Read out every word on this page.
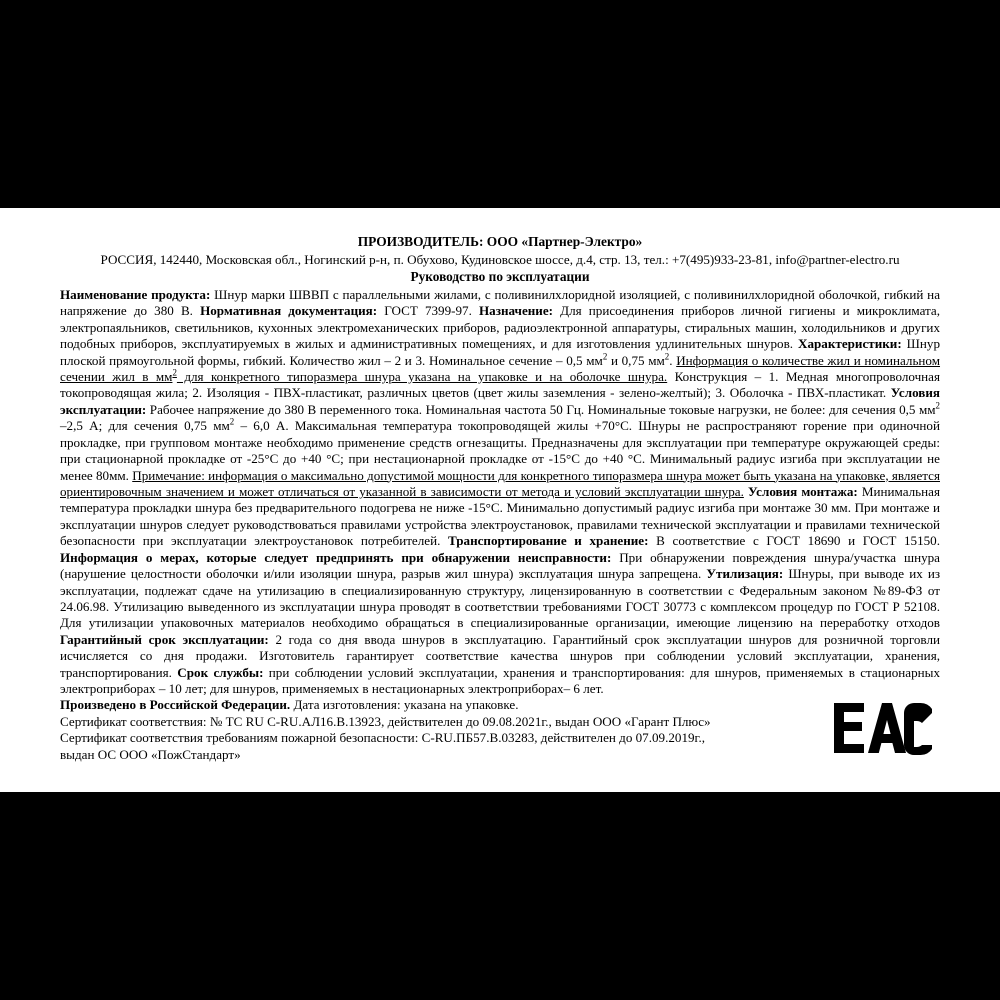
ПРОИЗВОДИТЕЛЬ: ООО «Партнер-Электро»
РОССИЯ, 142440, Московская обл., Ногинский р-н, п. Обухово, Кудиновское шоссе, д.4, стр. 13, тел.: +7(495)933-23-81, info@partner-electro.ru
Руководство по эксплуатации
Наименование продукта: Шнур марки ШВВП с параллельными жилами, с поливинилхлоридной изоляцией, с поливинилхлоридной оболочкой, гибкий на напряжение до 380 В. Нормативная документация: ГОСТ 7399-97. Назначение: Для присоединения приборов личной гигиены и микроклимата, электропаяльников, светильников, кухонных электромеханических приборов, радиоэлектронной аппаратуры, стиральных машин, холодильников и других подобных приборов, эксплуатируемых в жилых и административных помещениях, и для изготовления удлинительных шнуров. Характеристики: Шнур плоской прямоугольной формы, гибкий. Количество жил – 2 и 3. Номинальное сечение – 0,5 $мм^2$ и 0,75 $мм^2$. Информация о количестве жил и номинальном сечении жил в $мм^2$ для конкретного типоразмера шнура указана на упаковке и на оболочке шнура. Конструкция – 1. Медная многопроволочная токопроводящая жила; 2. Изоляция - ПВХ-пластикат, различных цветов (цвет жилы заземления - зелено-желтый); 3. Оболочка - ПВХ-пластикат. Условия эксплуатации: Рабочее напряжение до 380 В переменного тока. Номинальная частота 50 Гц. Номинальные токовые нагрузки, не более: для сечения 0,5 $мм^2$ –2,5 А; для сечения 0,75 $мм^2 - 6,0$ А. Максимальная температура токопроводящей жилы +70°С. Шнуры не распространяют горение при одиночной прокладке, при групповом монтаже необходимо применение средств огнезащиты. Предназначены для эксплуатации при температуре окружающей среды: при стационарной прокладке от -25°С до +40 °С; при нестационарной прокладке от -15°С до +40 °С. Минимальный радиус изгиба при эксплуатации не менее 80мм. Примечание: информация о максимально допустимой мощности для конкретного типоразмера шнура может быть указана на упаковке, является ориентировочным значением и может отличаться от указанной в зависимости от метода и условий эксплуатации шнура. Условия монтажа: Минимальная температура прокладки шнура без предварительного подогрева не ниже -15°С. Минимально допустимый радиус изгиба при монтаже 30 мм. При монтаже и эксплуатации шнуров следует руководствоваться правилами устройства электроустановок, правилами технической эксплуатации и правилами технической безопасности при эксплуатации электроустановок потребителей. Транспортирование и хранение: В соответствие с ГОСТ 18690 и ГОСТ 15150. Информация о мерах, которые следует предпринять при обнаружении неисправности: При обнаружении повреждения шнура/участка шнура (нарушение целостности оболочки и/или изоляции шнура, разрыв жил шнура) эксплуатация шнура запрещена. Утилизация: Шнуры, при выводе их из эксплуатации, подлежат сдаче на утилизацию в специализированную структуру, лицензированную в соответствии с Федеральным законом №89-ФЗ от 24.06.98. Утилизацию выведенного из эксплуатации шнура проводят в соответствии требованиями ГОСТ 30773 с комплексом процедур по ГОСТ Р 52108. Для утилизации упаковочных материалов необходимо обращаться в специализированные организации, имеющие лицензию на переработку отходов Гарантийный срок эксплуатации: 2 года со дня ввода шнуров в эксплуатацию. Гарантийный срок эксплуатации шнуров для розничной торговли исчисляется со дня продажи. Изготовитель гарантирует соответствие качества шнуров при соблюдении условий эксплуатации, хранения, транспортирования. Срок службы: при соблюдении условий эксплуатации, хранения и транспортирования: для шнуров, применяемых в стационарных электроприборах – 10 лет; для шнуров, применяемых в нестационарных электроприборах– 6 лет.
Произведено в Российской Федерации. Дата изготовления: указана на упаковке.
Сертификат соответствия: № ТС RU С-RU.АЛ16.В.13923, действителен до 09.08.2021г., выдан ООО «Гарант Плюс»
Сертификат соответствия требованиям пожарной безопасности: С-RU.ПБ57.В.03283, действителен до 07.09.2019г.,
выдан ОС ООО «ПожСтандарт»
